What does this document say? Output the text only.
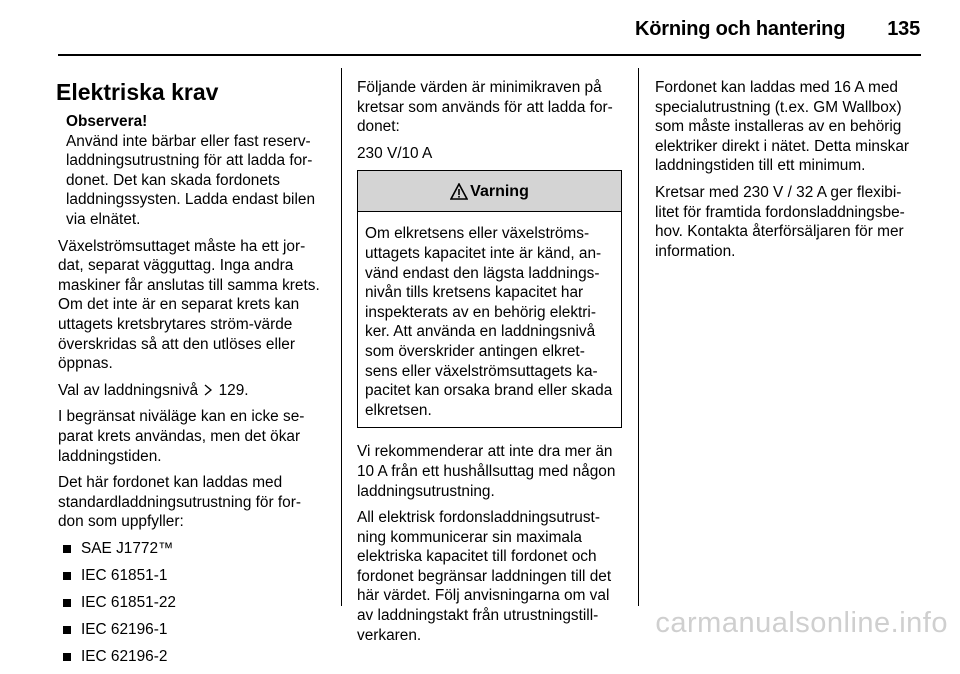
Körning och hantering 135
Elektriska krav
Observera!

Använd inte bärbar eller fast reserv-laddningsutrustning för att ladda for-donet. Det kan skada fordonets laddningssysten. Ladda endast bilen via elnätet.

Växelströmsuttaget måste ha ett jor-dat, separat vägguttag. Inga andra maskiner får anslutas till samma krets. Om det inte är en separat krets kan uttagets kretsbrytares ström-värde överskridas så att den utlöses eller öppnas.

Val av laddningsnivå 129.

I begränsat niväläge kan en icke se-parat krets användas, men det ökar laddningstiden.

Det här fordonet kan laddas med standardladdningsutrustning för for-don som uppfyller:

SAE J1772™
IEC 61851-1
IEC 61851-22
IEC 62196-1
IEC 62196-2

Följande värden är minimikraven på kretsar som används för att ladda for-donet:

230 V/10 A

Varning
Om elkretsens eller växelströms-uttagets kapacitet inte är känd, an-vänd endast den lägsta laddnings-nivån tills kretsens kapacitet har inspekterats av en behörig elektri-ker. Att använda en laddningsnivå som överskrider antingen elkret-sens eller växelströmsuttagets ka-pacitet kan orsaka brand eller skada elkretsen.

Vi rekommenderar att inte dra mer än 10 A från ett hushållsuttag med någon laddningsutrustning.

All elektrisk fordonsladdningsutrust-ning kommunicerar sin maximala elektriska kapacitet till fordonet och fordonet begränsar laddningen till det här värdet. Följ anvisningarna om val av laddningstakt från utrustningstill-verkaren.

Fordonet kan laddas med 16 A med specialutrustning (t.ex. GM Wallbox) som måste installeras av en behörig elektriker direkt i nätet. Detta minskar laddningstiden till ett minimum.

Kretsar med 230 V / 32 A ger flexibi-litet för framtida fordonsladdningsbe-hov. Kontakta återförsäljaren för mer information.

carmanualsonline.info
